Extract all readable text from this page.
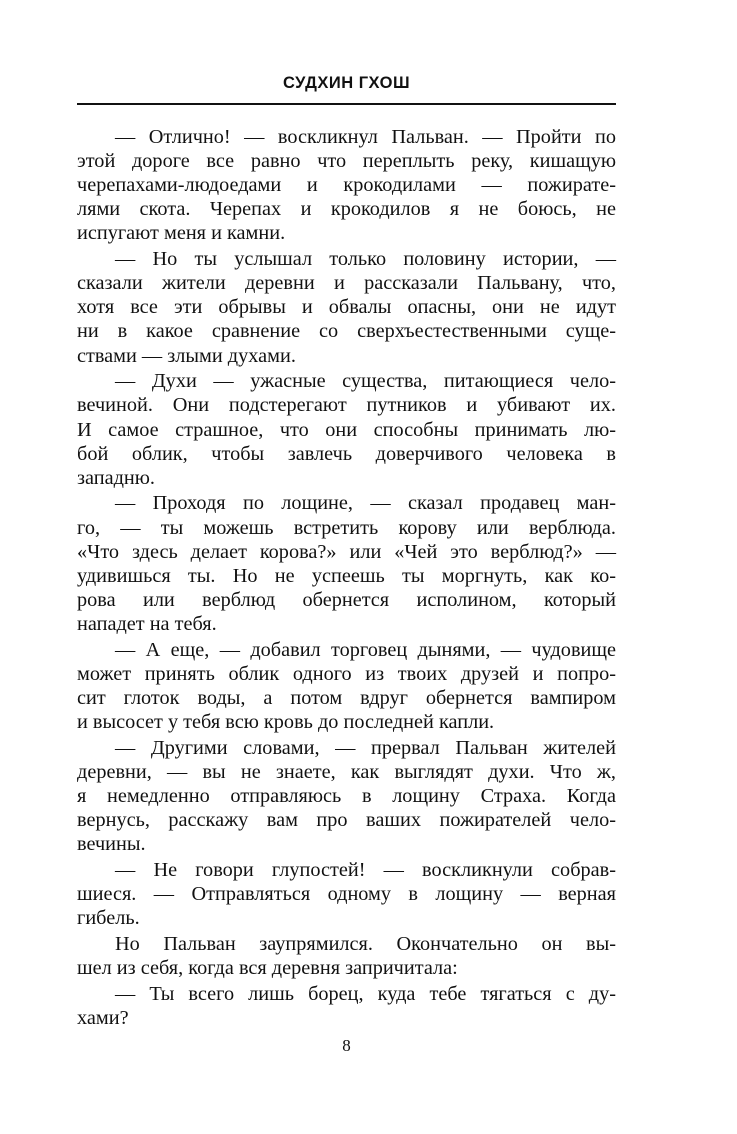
СУДХИН ГХОШ
— Отлично! — воскликнул Пальван. — Пройти по
этой дороге все равно что переплыть реку, кишащую
черепахами-людоедами и крокодилами — пожирате-
лями скота. Черепах и крокодилов я не боюсь, не
испугают меня и камни.
— Но ты услышал только половину истории, —
сказали жители деревни и рассказали Пальвану, что,
хотя все эти обрывы и обвалы опасны, они не идут
ни в какое сравнение со сверхъестественными суще-
ствами — злыми духами.
— Духи — ужасные существа, питающиеся чело-
вечиной. Они подстерегают путников и убивают их.
И самое страшное, что они способны принимать лю-
бой облик, чтобы завлечь доверчивого человека в
западню.
— Проходя по лощине, — сказал продавец ман-
го, — ты можешь встретить корову или верблюда.
«Что здесь делает корова?» или «Чей это верблюд?» —
удивишься ты. Но не успеешь ты моргнуть, как ко-
рова или верблюд обернется исполином, который
нападет на тебя.
— А еще, — добавил торговец дынями, — чудовище
может принять облик одного из твоих друзей и попро-
сит глоток воды, а потом вдруг обернется вампиром
и высосет у тебя всю кровь до последней капли.
— Другими словами, — прервал Пальван жителей
деревни, — вы не знаете, как выглядят духи. Что ж,
я немедленно отправляюсь в лощину Страха. Когда
вернусь, расскажу вам про ваших пожирателей чело-
вечины.
— Не говори глупостей! — воскликнули собрав-
шиеся. — Отправляться одному в лощину — верная
гибель.
Но Пальван заупрямился. Окончательно он вы-
шел из себя, когда вся деревня запричитала:
— Ты всего лишь борец, куда тебе тягаться с ду-
хами?
8
